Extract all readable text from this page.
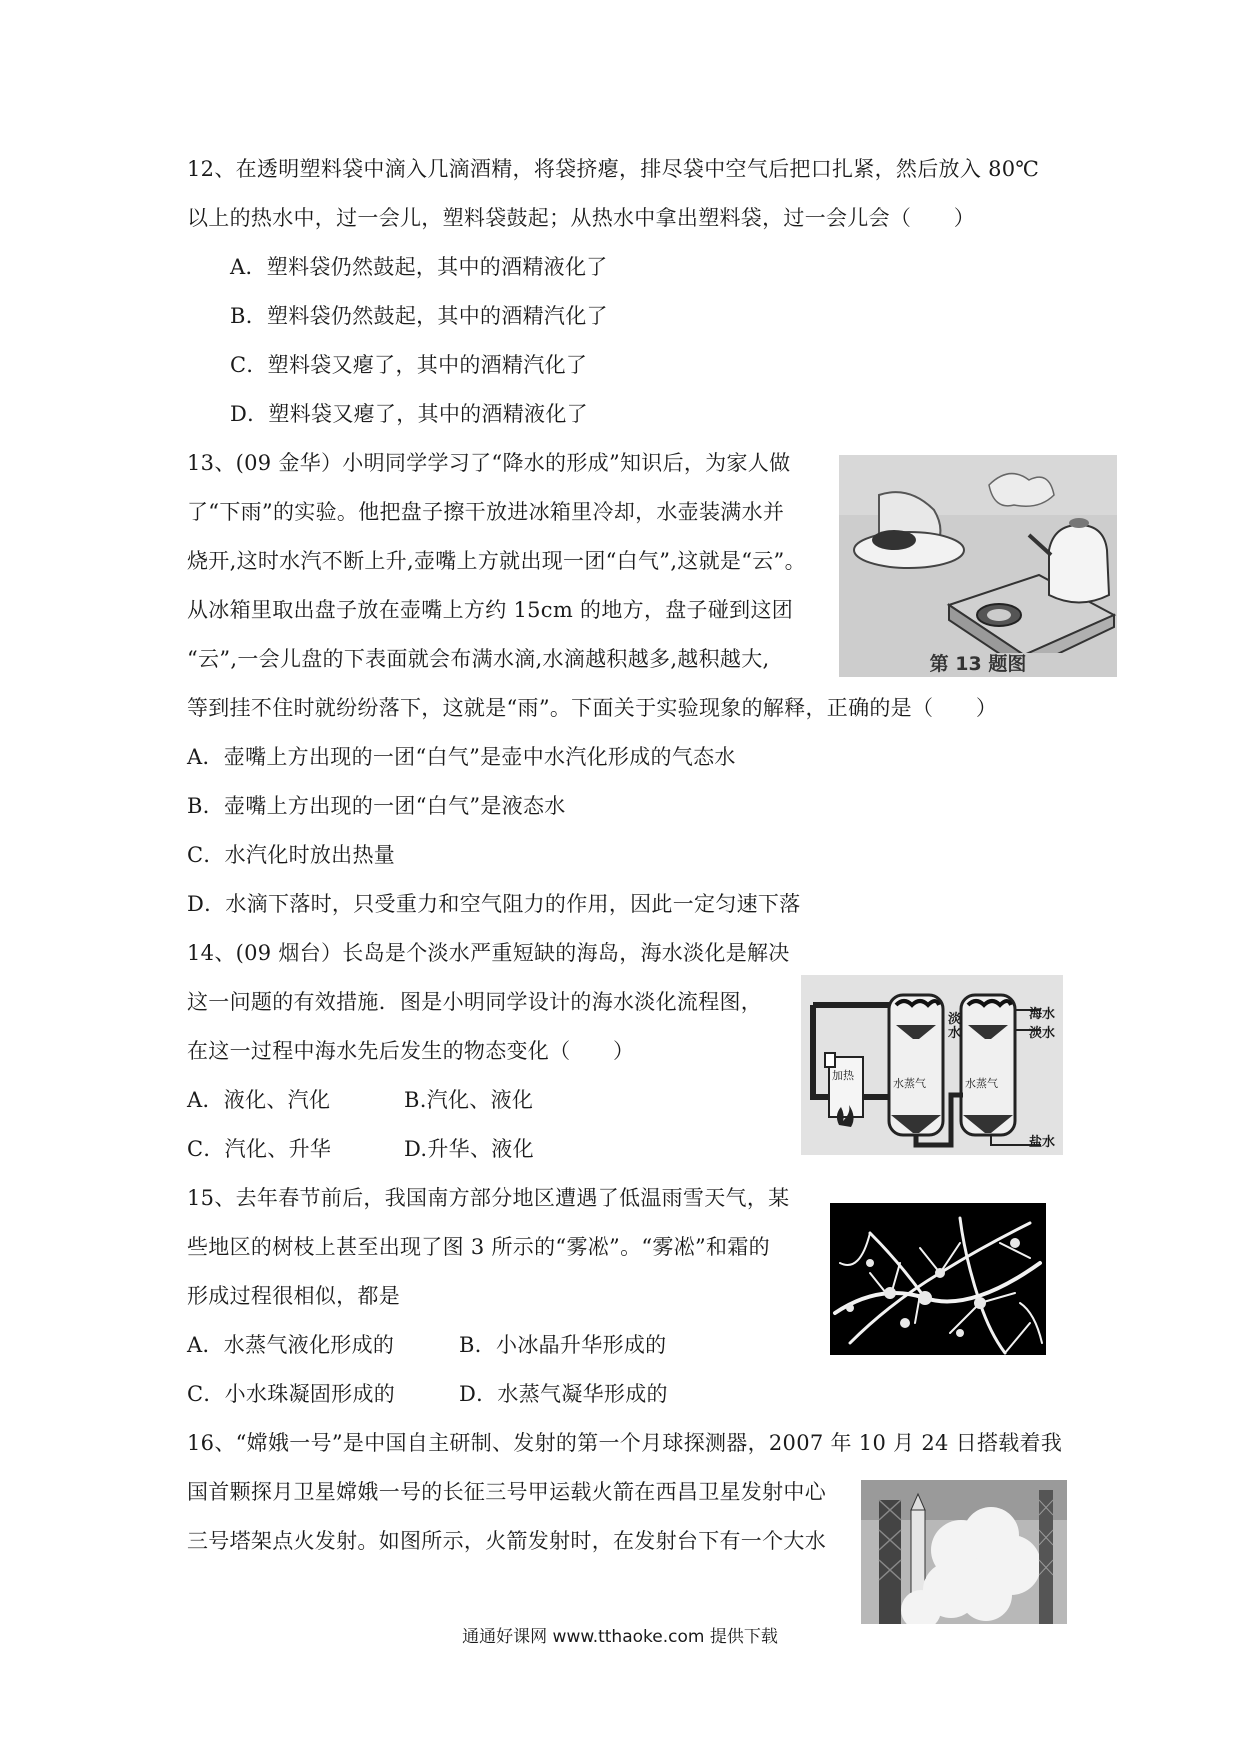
12、在透明塑料袋中滴入几滴酒精，将袋挤瘪，排尽袋中空气后把口扎紧，然后放入 80℃
以上的热水中，过一会儿，塑料袋鼓起；从热水中拿出塑料袋，过一会儿会（　　）
A．塑料袋仍然鼓起，其中的酒精液化了
B．塑料袋仍然鼓起，其中的酒精汽化了
C．塑料袋又瘪了，其中的酒精汽化了
D．塑料袋又瘪了，其中的酒精液化了
13、(09 金华）小明同学学习了“降水的形成”知识后，为家人做
了“下雨”的实验。他把盘子擦干放进冰箱里冷却，水壶装满水并
烧开,这时水汽不断上升,壶嘴上方就出现一团“白气”,这就是“云”。
从冰箱里取出盘子放在壶嘴上方约 15cm 的地方，盘子碰到这团
“云”,一会儿盘的下表面就会布满水滴,水滴越积越多,越积越大,
等到挂不住时就纷纷落下，这就是“雨”。下面关于实验现象的解释，正确的是（　　）
A．壶嘴上方出现的一团“白气”是壶中水汽化形成的气态水
B．壶嘴上方出现的一团“白气”是液态水
C．水汽化时放出热量
D．水滴下落时，只受重力和空气阻力的作用，因此一定匀速下落
第 13 题图
14、(09 烟台）长岛是个淡水严重短缺的海岛，海水淡化是解决
这一问题的有效措施．图是小明同学设计的海水淡化流程图，
在这一过程中海水先后发生的物态变化（　　）
A．液化、汽化	B.汽化、液化
C．汽化、升华	D.升华、液化
淡水
海水
淡水
加热
水蒸气	水蒸气
盐水
15、去年春节前后，我国南方部分地区遭遇了低温雨雪天气，某
些地区的树枝上甚至出现了图 3 所示的“雾凇”。“雾凇”和霜的
形成过程很相似，都是
A．水蒸气液化形成的	B．小冰晶升华形成的
C．小水珠凝固形成的	D．水蒸气凝华形成的
16、“嫦娥一号”是中国自主研制、发射的第一个月球探测器，2007 年 10 月 24 日搭载着我
国首颗探月卫星嫦娥一号的长征三号甲运载火箭在西昌卫星发射中心
三号塔架点火发射。如图所示，火箭发射时，在发射台下有一个大水
通通好课网 www.tthaoke.com 提供下载
